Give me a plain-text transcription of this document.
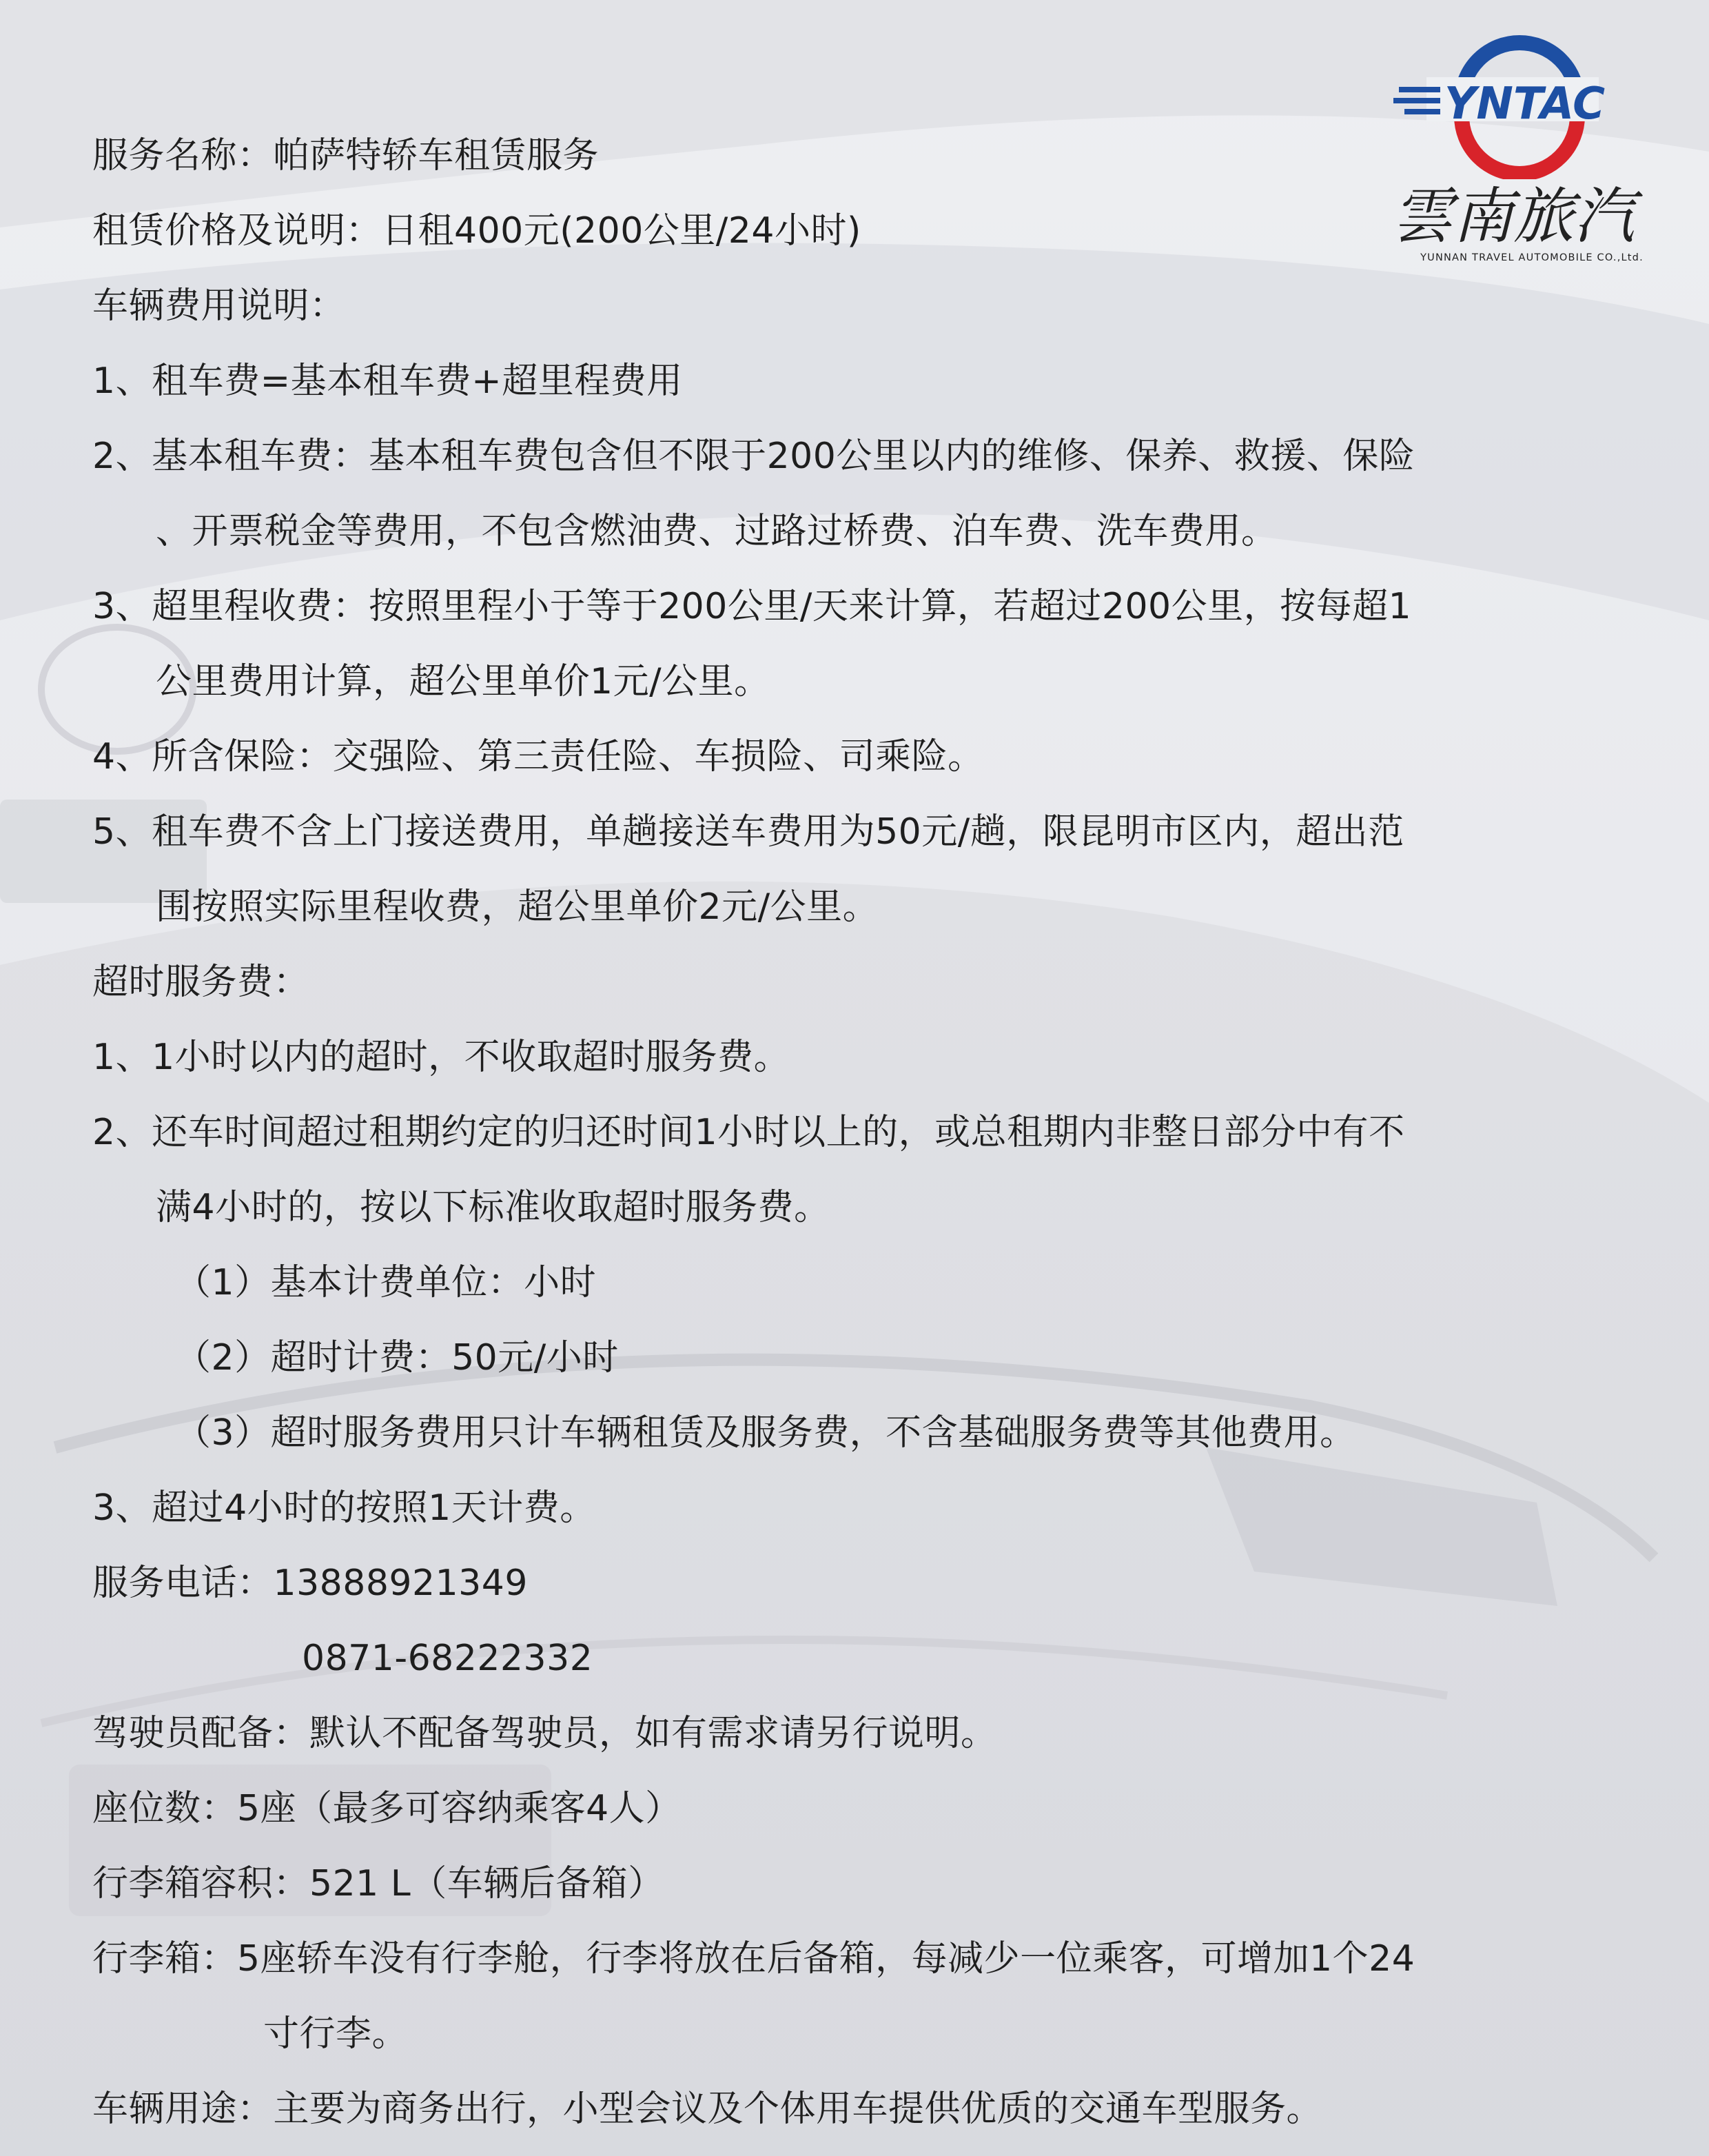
YNTAC
雲南旅汽
YUNNAN TRAVEL AUTOMOBILE CO.,Ltd.
服务名称：帕萨特轿车租赁服务
租赁价格及说明：日租400元(200公里/24小时)
车辆费用说明：
1、租车费=基本租车费+超里程费用
2、基本租车费：基本租车费包含但不限于200公里以内的维修、保养、救援、保险
、开票税金等费用，不包含燃油费、过路过桥费、泊车费、洗车费用。
3、超里程收费：按照里程小于等于200公里/天来计算，若超过200公里，按每超1
公里费用计算，超公里单价1元/公里。
4、所含保险：交强险、第三责任险、车损险、司乘险。
5、租车费不含上门接送费用，单趟接送车费用为50元/趟，限昆明市区内，超出范
围按照实际里程收费，超公里单价2元/公里。
超时服务费：
1、1小时以内的超时，不收取超时服务费。
2、还车时间超过租期约定的归还时间1小时以上的，或总租期内非整日部分中有不
满4小时的，按以下标准收取超时服务费。
（1）基本计费单位：小时
（2）超时计费：50元/小时
（3）超时服务费用只计车辆租赁及服务费，不含基础服务费等其他费用。
3、超过4小时的按照1天计费。
服务电话：13888921349
0871-68222332
驾驶员配备：默认不配备驾驶员，如有需求请另行说明。
座位数：5座（最多可容纳乘客4人）
行李箱容积：521 L（车辆后备箱）
行李箱：5座轿车没有行李舱，行李将放在后备箱，每减少一位乘客，可增加1个24
寸行李。
车辆用途：主要为商务出行，小型会议及个体用车提供优质的交通车型服务。
